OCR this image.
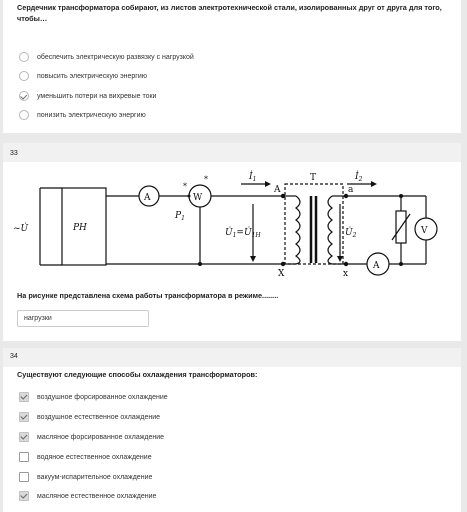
Сердечник трансформатора собирают, из листов электротехнической стали, изолированных друг от друга для того, чтобы…
обеспечить электрическую развязку с нагрузкой
повысить электрическую энергию
уменьшить потери на вихревые токи
понизить электрическую энергию
33
~U̇	РН
A	W
*
*
$P_1$
$İ_1$	$İ_2$
A
X
a
x
T
$U̇_1=U̇_{1Н}$	$U̇_2$	V
A
На рисунке представлена схема работы трансформатора в режиме........
нагрузки
34
Существуют следующие способы охлаждения трансформаторов:
воздушное форсированное охлаждение
воздушное естественное охлаждение
масляное форсированное охлаждение
водяное естественное охлаждение
вакуум-испарительное охлаждение
масляное естественное охлаждение
